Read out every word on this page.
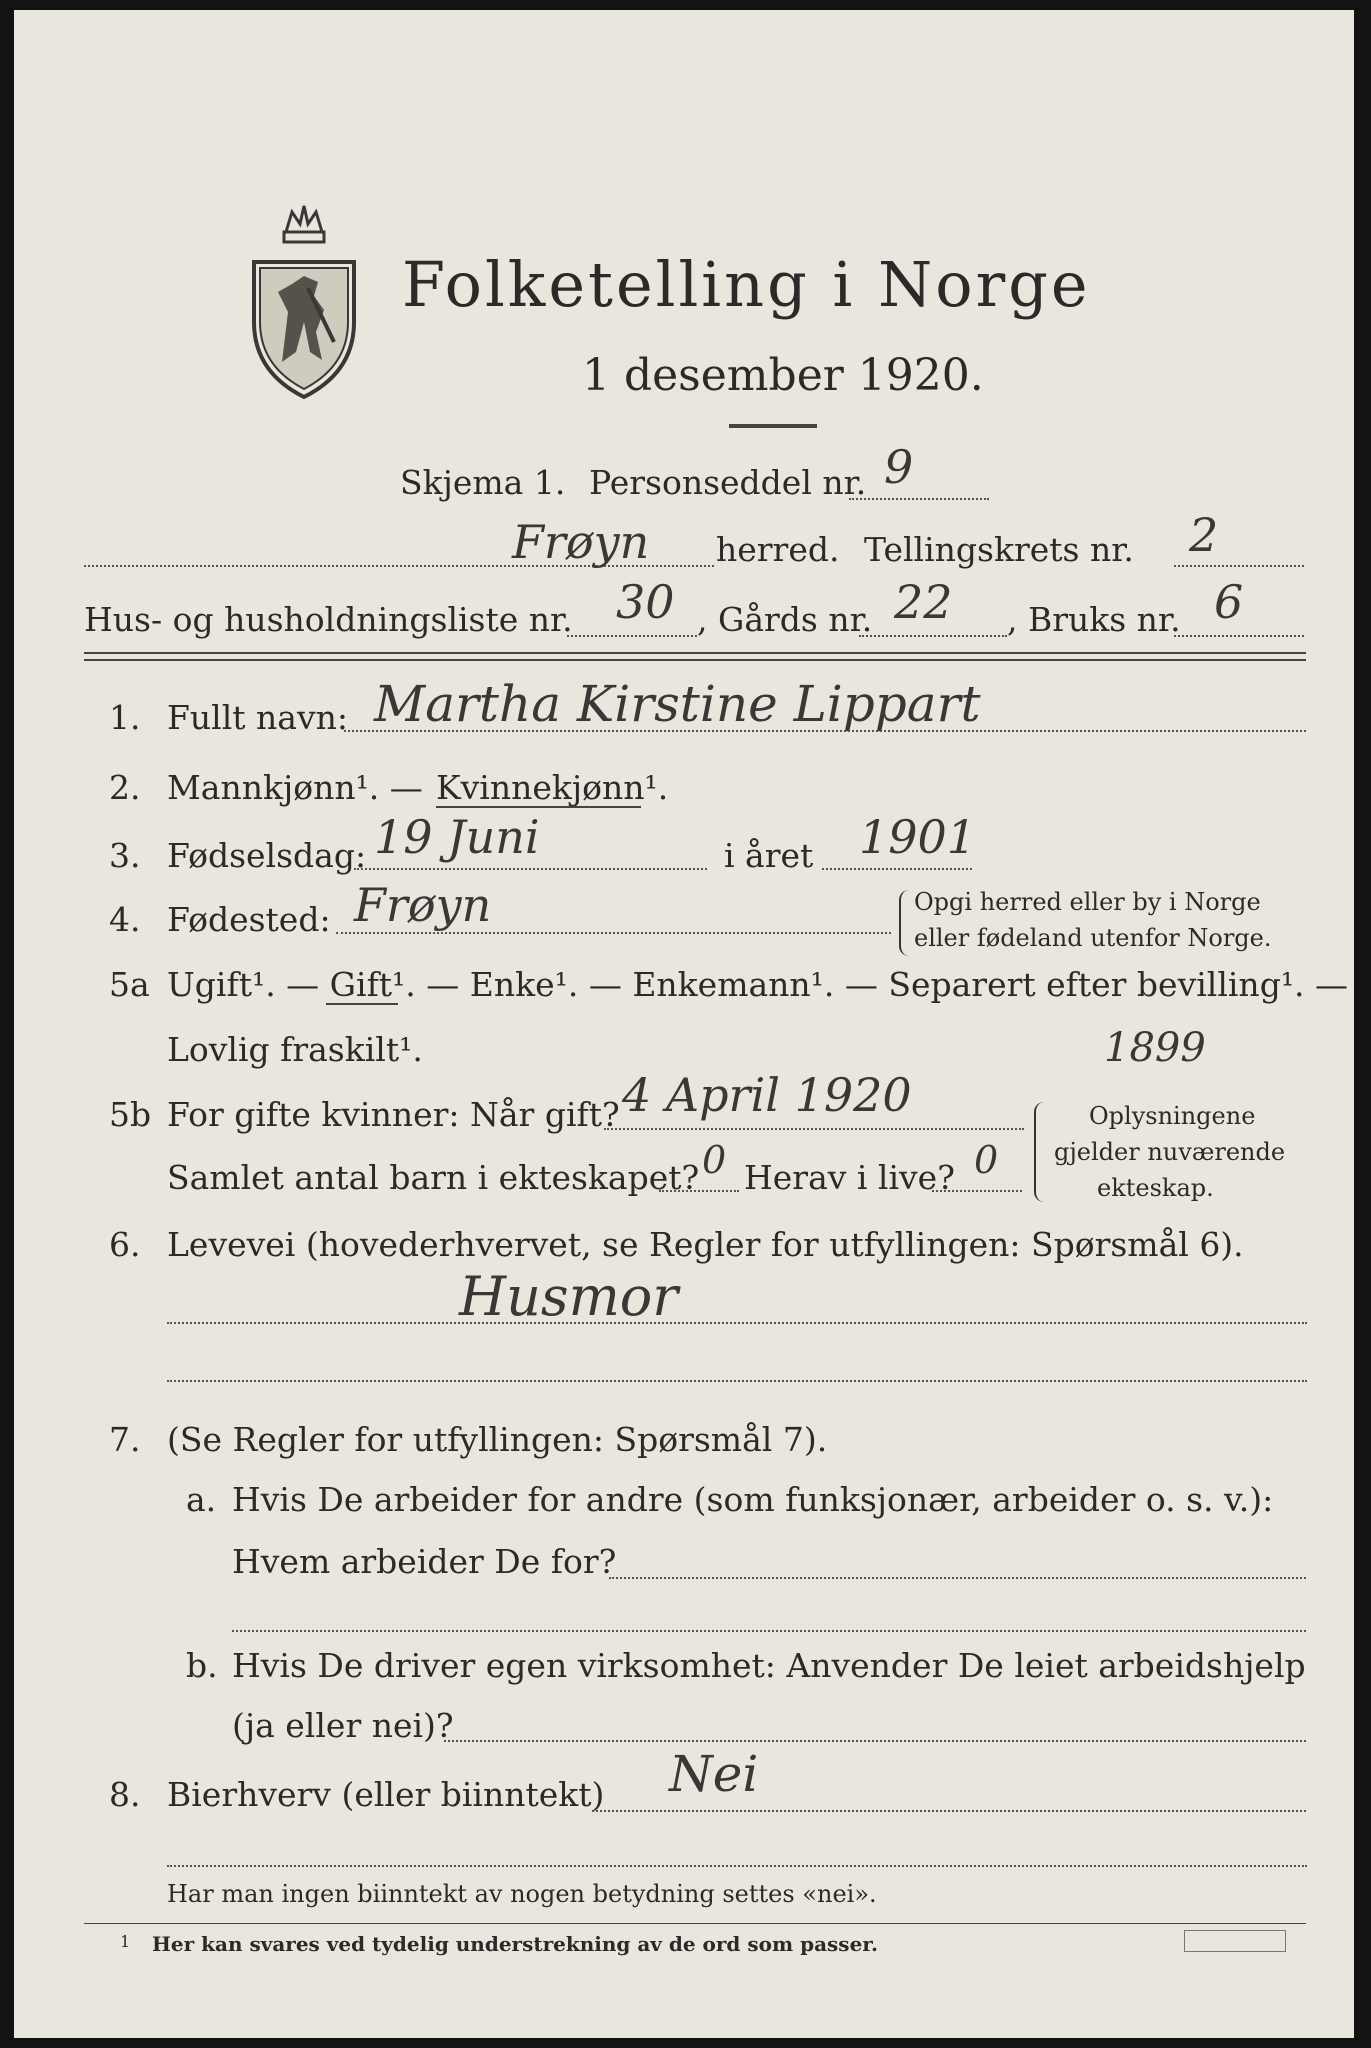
Folketelling i Norge
1 desember 1920.
Skjema 1. Personseddel nr. 9
Frøyn herred. Tellingskrets nr. 2
Hus- og husholdningsliste nr. 30 , Gårds nr. 22 , Bruks nr. 6
1. Fullt navn: Martha Kirstine Lippart
2. Mannkjønn¹. — Kvinnekjønn¹.
3. Fødselsdag: 19 Juni	i året 1901
4. Fødested: Frøyn	Opgi herred eller by i Norge
eller fødeland utenfor Norge.
5a Ugift¹. — Gift¹. — Enke¹. — Enkemann¹. — Separert efter bevilling¹. —
Lovlig fraskilt¹.	1899
5b For gifte kvinner: Når gift? 4 April 1920
Samlet antal barn i ekteskapet? 0 Herav i live? 0
Oplysningene
gjelder nuværende
ekteskap.
6. Levevei (hovederhvervet, se Regler for utfyllingen: Spørsmål 6).
Husmor
7. (Se Regler for utfyllingen: Spørsmål 7).
a. Hvis De arbeider for andre (som funksjonær, arbeider o. s. v.):
Hvem arbeider De for?
b. Hvis De driver egen virksomhet: Anvender De leiet arbeidshjelp
(ja eller nei)?
8. Bierhverv (eller biinntekt) Nei
Har man ingen biinntekt av nogen betydning settes «nei».
1 Her kan svares ved tydelig understrekning av de ord som passer.
